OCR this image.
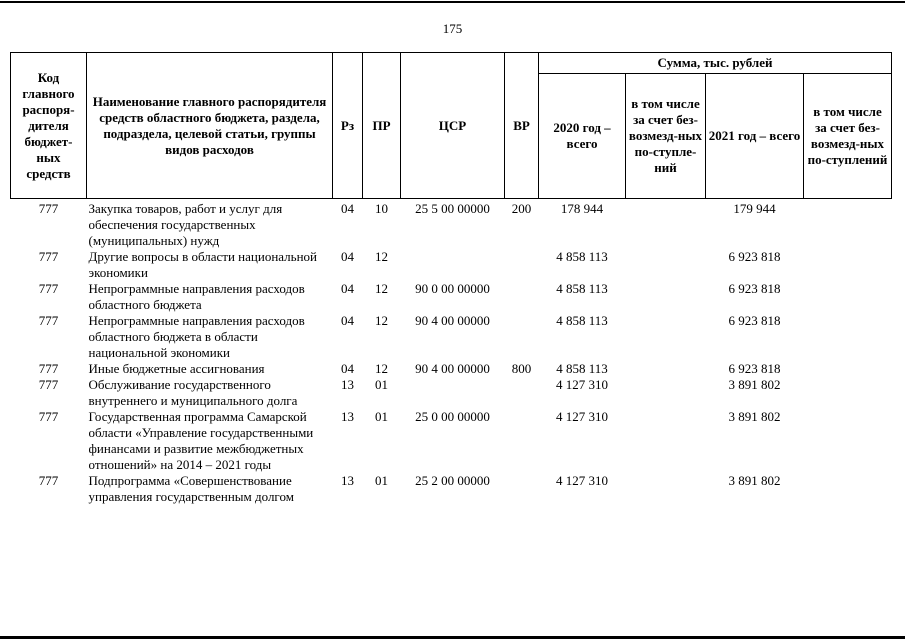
175
Код главного распоря-дителя бюджет-ных средств	Наименование главного распорядителя средств областного бюджета, раздела, подраздела, целевой статьи, группы видов расходов	Рз	ПР	ЦСР	ВР	Сумма, тыс. рублей			
						2020 год – всего	в том числе за счет без-возмезд-ных по-ступле-ний	2021 год – всего	в том числе за счет без-возмезд-ных по-ступлений
777	Закупка товаров, работ и услуг для обеспечения государственных (муниципальных) нужд	04	10	25 5 00 00000	200	178 944		179 944	
777	Другие вопросы в области национальной экономики	04	12			4 858 113		6 923 818	
777	Непрограммные направления расходов областного бюджета	04	12	90 0 00 00000		4 858 113		6 923 818	
777	Непрограммные направления расходов областного бюджета в области национальной экономики	04	12	90 4 00 00000		4 858 113		6 923 818	
777	Иные бюджетные ассигнования	04	12	90 4 00 00000	800	4 858 113		6 923 818	
777	Обслуживание государственного внутреннего и муниципального долга	13	01			4 127 310		3 891 802	
777	Государственная программа Самарской области «Управление государственными финансами и развитие межбюджетных отношений» на 2014 – 2021 годы	13	01	25 0 00 00000		4 127 310		3 891 802	
777	Подпрограмма «Совершенствование управления государственным долгом	13	01	25 2 00 00000		4 127 310		3 891 802	
